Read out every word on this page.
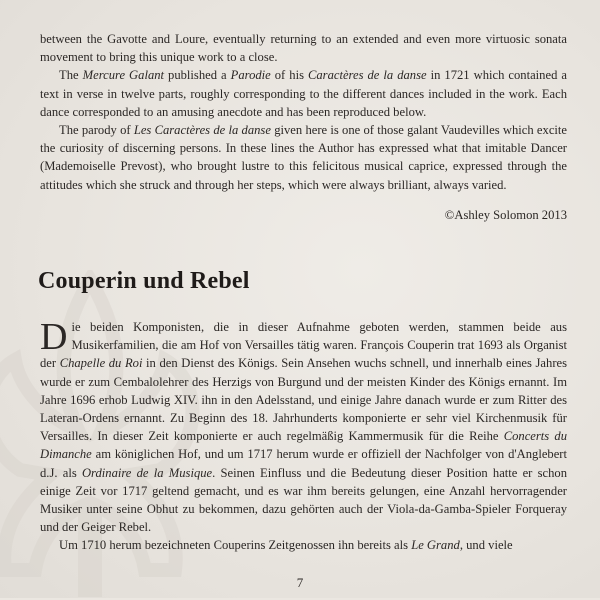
between the Gavotte and Loure, eventually returning to an extended and even more virtuosic sonata movement to bring this unique work to a close.

The Mercure Galant published a Parodie of his Caractères de la danse in 1721 which contained a text in verse in twelve parts, roughly corresponding to the different dances included in the work. Each dance corresponded to an amusing anecdote and has been reproduced below.

The parody of Les Caractères de la danse given here is one of those galant Vaudevilles which excite the curiosity of discerning persons. In these lines the Author has expressed what that imitable Dancer (Mademoiselle Prevost), who brought lustre to this felicitous musical caprice, expressed through the attitudes which she struck and through her steps, which were always brilliant, always varied.

©Ashley Solomon 2013
Couperin und Rebel

Die beiden Komponisten, die in dieser Aufnahme geboten werden, stammen beide aus Musikerfamilien, die am Hof von Versailles tätig waren. François Couperin trat 1693 als Organist der Chapelle du Roi in den Dienst des Königs. Sein Ansehen wuchs schnell, und innerhalb eines Jahres wurde er zum Cembalolehrer des Herzigs von Burgund und der meisten Kinder des Königs ernannt. Im Jahre 1696 erhob Ludwig XIV. ihn in den Adelsstand, und einige Jahre danach wurde er zum Ritter des Lateran-Ordens ernannt. Zu Beginn des 18. Jahrhunderts komponierte er sehr viel Kirchenmusik für Versailles. In dieser Zeit komponierte er auch regelmäßig Kammermusik für die Reihe Concerts du Dimanche am königlichen Hof, und um 1717 herum wurde er offiziell der Nachfolger von d'Anglebert d.J. als Ordinaire de la Musique. Seinen Einfluss und die Bedeutung dieser Position hatte er schon einige Zeit vor 1717 geltend gemacht, und es war ihm bereits gelungen, eine Anzahl hervorragender Musiker unter seine Obhut zu bekommen, dazu gehörten auch der Viola-da-Gamba-Spieler Forqueray und der Geiger Rebel.

Um 1710 herum bezeichneten Couperins Zeitgenossen ihn bereits als Le Grand, und viele

7
